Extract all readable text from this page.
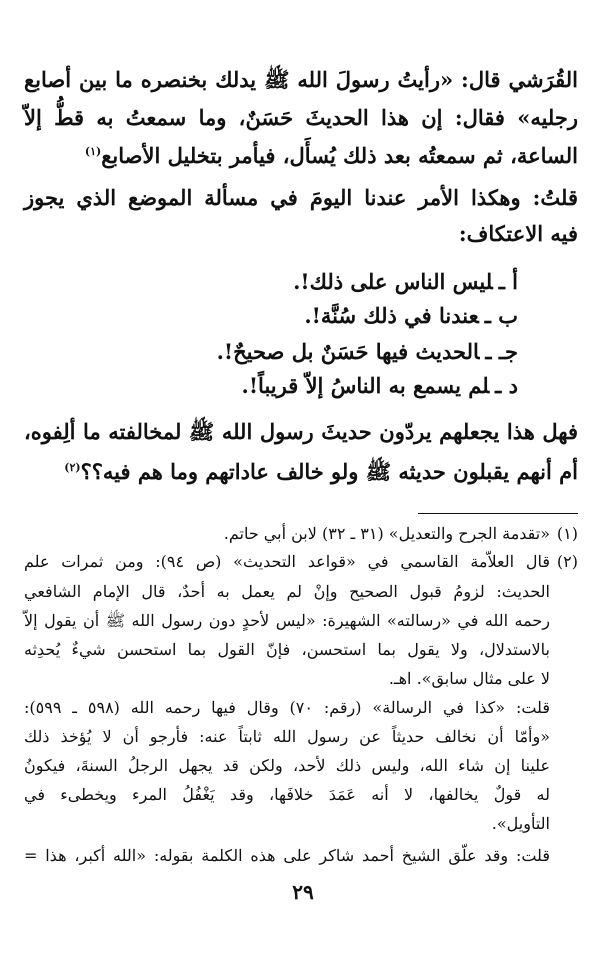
القُرَشي قال: «رأيتُ رسولَ الله ﷺ يدلك بخنصره ما بين أصابع
رجليه» فقال: إن هذا الحديثَ حَسَنٌ، وما سمعتُ به قطُّ إلاّ
الساعة، ثم سمعتُه بعد ذلك يُسأَل، فيأمر بتخليل الأصابع$^{(١)}$
قلتُ: وهكذا الأمر عندنا اليومَ في مسألة الموضع الذي يجوز
فيه الاعتكاف:
أ ـليس الناس على ذلك!.
ب ـعندنا في ذلك سُنَّة!.
جـ ـالحديث فيها حَسَنٌ بل صحيحٌ!.
د ـلم يسمع به الناسُ إلاّ قريباً!.
فهل هذا يجعلهم يردّون حديثَ رسول الله ﷺ لمخالفته ما ألِفوه،
أم أنهم يقبلون حديثه ﷺ ولو خالف عاداتهم وما هم فيه؟؟$^{(٢)}$
(١)«تقدمة الجرح والتعديل» (٣١ ـ ٣٢) لابن أبي حاتم.
(٢)قال العلاّمة القاسمي في «قواعد التحديث» (ص ٩٤): ومن ثمرات علم
الحديث: لزومُ قبول الصحيح وإنْ لم يعمل به أحدٌ، قال الإمام الشافعي
رحمه الله في «رسالته» الشهيرة: «ليس لأحدٍ دون رسول الله ﷺ أن يقول إلاّ
بالاستدلال، ولا يقول بما استحسن، فإنّ القول بما استحسن شيءٌ يُحدِثه
لا على مثال سابق». اهـ.
قلت: «كذا في الرسالة» (رقم: ٧٠) وقال فيها رحمه الله (٥٩٨ ـ ٥٩٩):
«وأمّا أن نخالف حديثاً عن رسول الله ثابتاً عنه: فأرجو أن لا يُؤخذ ذلك
علينا إن شاء الله، وليس ذلك لأحد، ولكن قد يجهل الرجلُ السنةَ، فيكونُ
له قولٌ يخالفها، لا أنه عَمَدَ خلافَها، وقد يَغْفُلُ المرء ويخطىء في
التأويل».
قلت: وقد علّق الشيخ أحمد شاكر على هذه الكلمة بقوله: «الله أكبر، هذا =
٢٩
